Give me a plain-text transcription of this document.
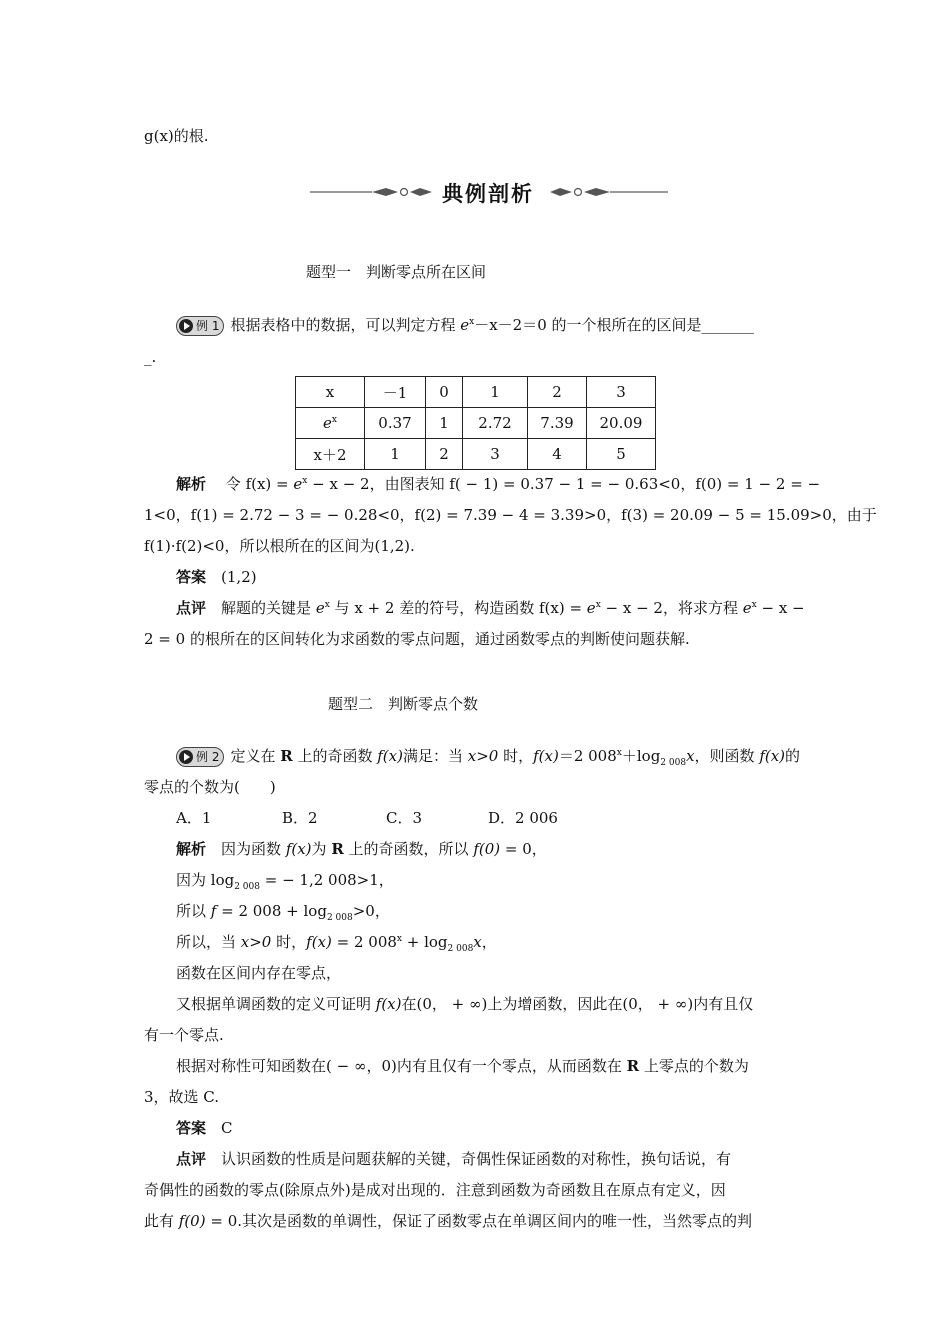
g(x)的根.
典例剖析
题型一　判断零点所在区间
例 1 根据表格中的数据，可以判定方程 $e^x-x-2=0$ 的一个根所在的区间是_______
_.
x	－1	0	1	2	3
$e^x$	0.37	1	2.72	7.39	20.09
x＋2	1	2	3	4	5
解析　 令 $f(x) = e^x - x - 2$，由图表知 f( − 1) = 0.37 − 1 = − 0.63<0，f(0) = 1 − 2 = −
1<0，f(1) = 2.72 − 3 = − 0.28<0，f(2) = 7.39 − 4 = 3.39>0，f(3) = 20.09 − 5 = 15.09>0，由于
f(1)·f(2)<0，所以根所在的区间为(1,2).
答案　 (1,2)
点评　 解题的关键是 $e^x$ 与 x + 2 差的符号，构造函数 $f(x) = e^x - x - 2$，将求方程 $e^x - x$ −
2 = 0 的根所在的区间转化为求函数的零点问题，通过函数零点的判断使问题获解.
题型二　判断零点个数
例 2 定义在 R 上的奇函数 f(x)满足：当 x>0 时，f(x)＝2 $008^x+\log_{2 008}x$，则函数 f(x)的
零点的个数为(　　)
A．1	B．2	C．3	D．2 006
解析　 因为函数 f(x)为 R 上的奇函数，所以 f(0) = 0，
因为 $\log_{2 008}$ = − 1,2 008>1，
所以 f = 2 $008 + \log_{2 008}>0$，
所以，当 x>0 时，f(x) = 2 $008^x + \log_{2 008}x$，
函数在区间内存在零点，
又根据单调函数的定义可证明 f(x)在(0， + ∞)上为增函数，因此在(0， + ∞)内有且仅
有一个零点.
根据对称性可知函数在( − ∞，0)内有且仅有一个零点，从而函数在 R 上零点的个数为
3，故选 C.
答案　 C
点评　 认识函数的性质是问题获解的关键，奇偶性保证函数的对称性，换句话说，有
奇偶性的函数的零点(除原点外)是成对出现的．注意到函数为奇函数且在原点有定义，因
此有 f(0) = 0.其次是函数的单调性，保证了函数零点在单调区间内的唯一性，当然零点的判
